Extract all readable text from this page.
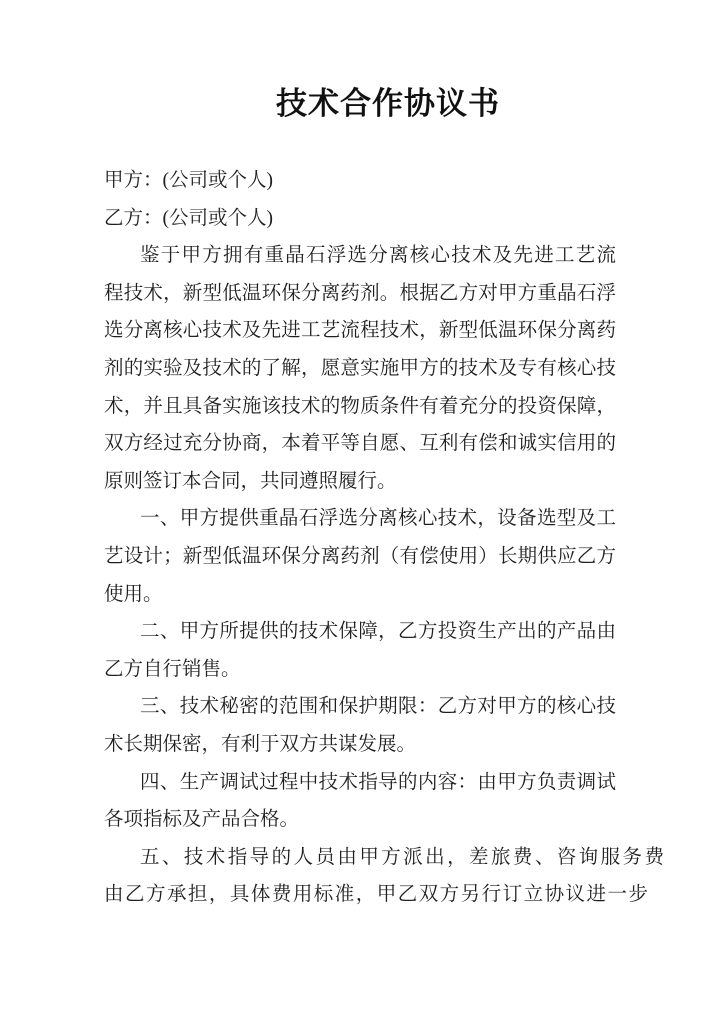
技术合作协议书
甲方：(公司或个人)
乙方：(公司或个人)
鉴于甲方拥有重晶石浮选分离核心技术及先进工艺流
程技术，新型低温环保分离药剂。根据乙方对甲方重晶石浮
选分离核心技术及先进工艺流程技术，新型低温环保分离药
剂的实验及技术的了解，愿意实施甲方的技术及专有核心技
术，并且具备实施该技术的物质条件有着充分的投资保障，
双方经过充分协商，本着平等自愿、互利有偿和诚实信用的
原则签订本合同，共同遵照履行。
一、甲方提供重晶石浮选分离核心技术，设备选型及工
艺设计；新型低温环保分离药剂（有偿使用）长期供应乙方
使用。
二、甲方所提供的技术保障，乙方投资生产出的产品由
乙方自行销售。
三、技术秘密的范围和保护期限：乙方对甲方的核心技
术长期保密，有利于双方共谋发展。
四、生产调试过程中技术指导的内容：由甲方负责调试
各项指标及产品合格。
五、技术指导的人员由甲方派出，差旅费、咨询服务费
由乙方承担，具体费用标准，甲乙双方另行订立协议进一步
